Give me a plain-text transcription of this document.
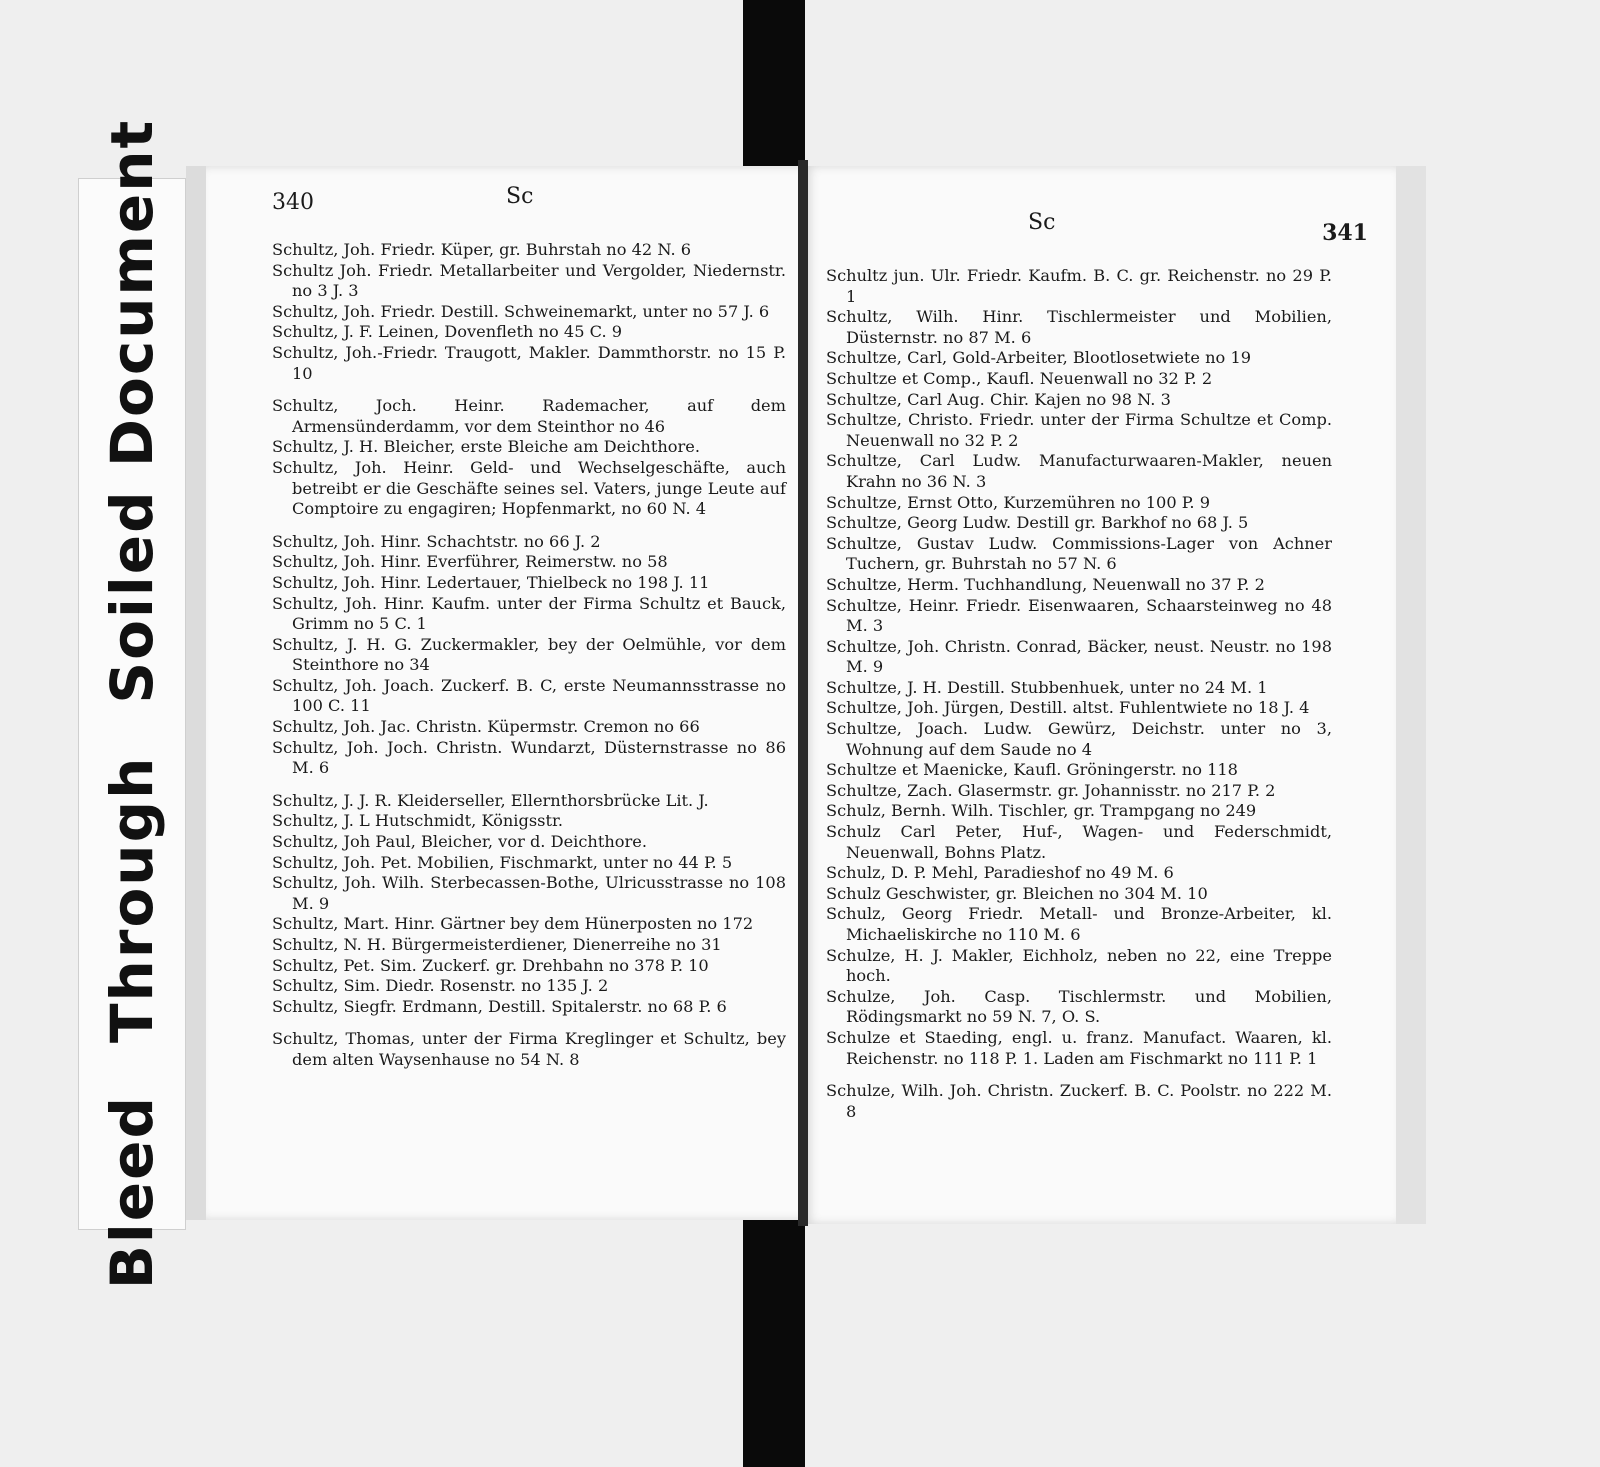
BleedThroughSoiled Document	340	Sc
Schultz, Joh. Friedr. Küper, gr. Buhrstah no 42 N. 6
Schultz Joh. Friedr. Metallarbeiter und Vergolder, Niedernstr. no 3 J. 3
Schultz, Joh. Friedr. Destill. Schweinemarkt, unter no 57 J. 6
Schultz, J. F. Leinen, Dovenfleth no 45 C. 9
Schultz, Joh.-Friedr. Traugott, Makler. Dammthorstr. no 15 P. 10
Schultz, Joch. Heinr. Rademacher, auf dem Armensünderdamm, vor dem Steinthor no 46
Schultz, J. H. Bleicher, erste Bleiche am Deichthore.
Schultz, Joh. Heinr. Geld- und Wechselgeschäfte, auch betreibt er die Geschäfte seines sel. Vaters, junge Leute auf Comptoire zu engagiren; Hopfenmarkt, no 60 N. 4
Schultz, Joh. Hinr. Schachtstr. no 66 J. 2
Schultz, Joh. Hinr. Everführer, Reimerstw. no 58
Schultz, Joh. Hinr. Ledertauer, Thielbeck no 198 J. 11
Schultz, Joh. Hinr. Kaufm. unter der Firma Schultz et Bauck, Grimm no 5 C. 1
Schultz, J. H. G. Zuckermakler, bey der Oelmühle, vor dem Steinthore no 34
Schultz, Joh. Joach. Zuckerf. B. C, erste Neumannsstrasse no 100 C. 11
Schultz, Joh. Jac. Christn. Küpermstr. Cremon no 66
Schultz, Joh. Joch. Christn. Wundarzt, Düsternstrasse no 86 M. 6
Schultz, J. J. R. Kleiderseller, Ellernthorsbrücke Lit. J.
Schultz, J. L Hutschmidt, Königsstr.
Schultz, Joh Paul, Bleicher, vor d. Deichthore.
Schultz, Joh. Pet. Mobilien, Fischmarkt, unter no 44 P. 5
Schultz, Joh. Wilh. Sterbecassen-Bothe, Ulricusstrasse no 108 M. 9
Schultz, Mart. Hinr. Gärtner bey dem Hünerposten no 172
Schultz, N. H. Bürgermeisterdiener, Dienerreihe no 31
Schultz, Pet. Sim. Zuckerf. gr. Drehbahn no 378 P. 10
Schultz, Sim. Diedr. Rosenstr. no 135 J. 2
Schultz, Siegfr. Erdmann, Destill. Spitalerstr. no 68 P. 6
Schultz, Thomas, unter der Firma Kreglinger et Schultz, bey dem alten Waysenhause no 54 N. 8
Sc	341
Schultz jun. Ulr. Friedr. Kaufm. B. C. gr. Reichenstr. no 29 P. 1
Schultz, Wilh. Hinr. Tischlermeister und Mobilien, Düsternstr. no 87 M. 6
Schultze, Carl, Gold-Arbeiter, Blootlosetwiete no 19
Schultze et Comp., Kaufl. Neuenwall no 32 P. 2
Schultze, Carl Aug. Chir. Kajen no 98 N. 3
Schultze, Christo. Friedr. unter der Firma Schultze et Comp. Neuenwall no 32 P. 2
Schultze, Carl Ludw. Manufacturwaaren-Makler, neuen Krahn no 36 N. 3
Schultze, Ernst Otto, Kurzemühren no 100 P. 9
Schultze, Georg Ludw. Destill gr. Barkhof no 68 J. 5
Schultze, Gustav Ludw. Commissions-Lager von Achner Tuchern, gr. Buhrstah no 57 N. 6
Schultze, Herm. Tuchhandlung, Neuenwall no 37 P. 2
Schultze, Heinr. Friedr. Eisenwaaren, Schaarsteinweg no 48 M. 3
Schultze, Joh. Christn. Conrad, Bäcker, neust. Neustr. no 198 M. 9
Schultze, J. H. Destill. Stubbenhuek, unter no 24 M. 1
Schultze, Joh. Jürgen, Destill. altst. Fuhlentwiete no 18 J. 4
Schultze, Joach. Ludw. Gewürz, Deichstr. unter no 3, Wohnung auf dem Saude no 4
Schultze et Maenicke, Kaufl. Gröningerstr. no 118
Schultze, Zach. Glasermstr. gr. Johannisstr. no 217 P. 2
Schulz, Bernh. Wilh. Tischler, gr. Trampgang no 249
Schulz Carl Peter, Huf-, Wagen- und Federschmidt, Neuenwall, Bohns Platz.
Schulz, D. P. Mehl, Paradieshof no 49 M. 6
Schulz Geschwister, gr. Bleichen no 304 M. 10
Schulz, Georg Friedr. Metall- und Bronze-Arbeiter, kl. Michaeliskirche no 110 M. 6
Schulze, H. J. Makler, Eichholz, neben no 22, eine Treppe hoch.
Schulze, Joh. Casp. Tischlermstr. und Mobilien, Rödingsmarkt no 59 N. 7, O. S.
Schulze et Staeding, engl. u. franz. Manufact. Waaren, kl. Reichenstr. no 118 P. 1. Laden am Fischmarkt no 111 P. 1
Schulze, Wilh. Joh. Christn. Zuckerf. B. C. Poolstr. no 222 M. 8
